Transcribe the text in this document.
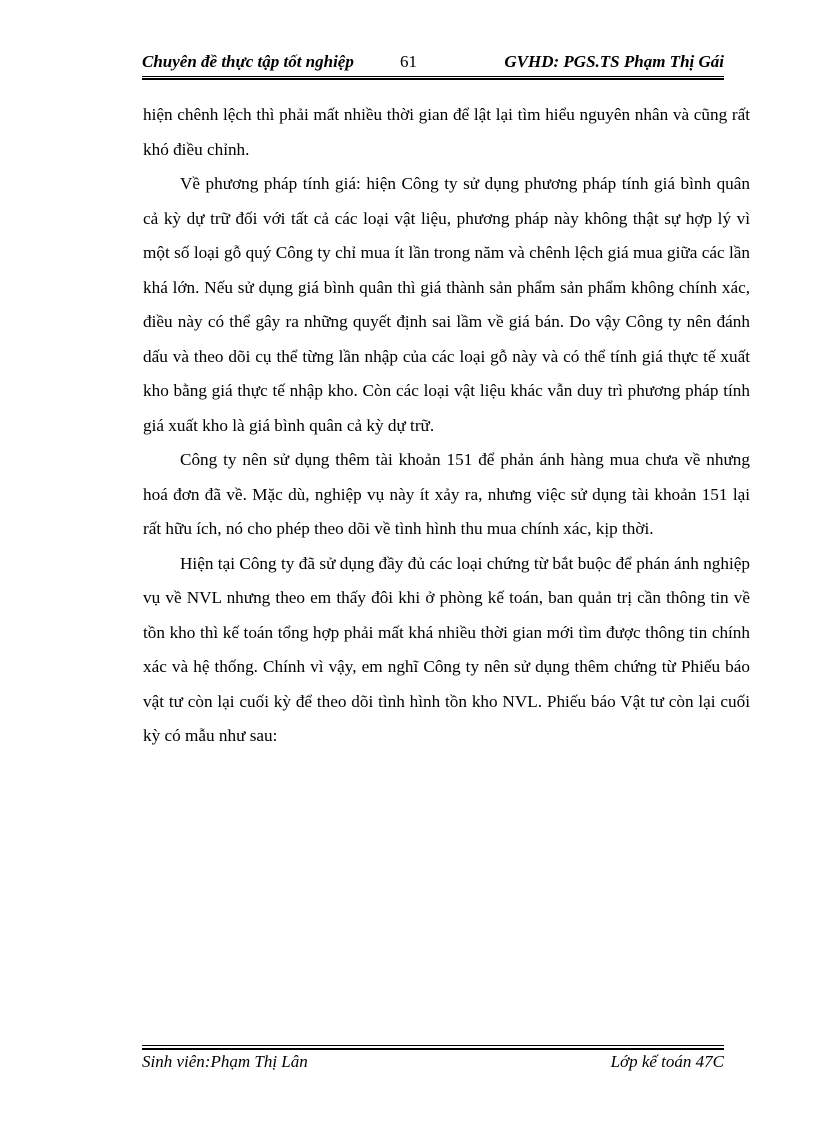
Chuyên đề thực tập tốt nghiệp	61	GVHD: PGS.TS Phạm Thị Gái

hiện chênh lệch thì phải mất nhiều thời gian để lật lại tìm hiểu nguyên nhân và cũng rất khó điều chỉnh.

Về phương pháp tính giá: hiện Công ty sử dụng phương pháp tính giá bình quân cả kỳ dự trữ đối với tất cả các loại vật liệu, phương pháp này không thật sự hợp lý vì một số loại gỗ quý Công ty chỉ mua ít lần trong năm và chênh lệch giá mua giữa các lần khá lớn. Nếu sử dụng giá bình quân thì giá thành sản phẩm sản phẩm không chính xác, điều này có thể gây ra những quyết định sai lầm về giá bán. Do vậy Công ty nên đánh dấu và theo dõi cụ thể từng lần nhập của các loại gỗ này và có thể tính giá thực tế xuất kho bằng giá thực tế nhập kho. Còn các loại vật liệu khác vẫn duy trì phương pháp tính giá xuất kho là giá bình quân cả kỳ dự trữ.

Công ty nên sử dụng thêm tài khoản 151 để phản ánh hàng mua chưa về nhưng hoá đơn đã về. Mặc dù, nghiệp vụ này ít xảy ra, nhưng việc sử dụng tài khoản 151 lại rất hữu ích, nó cho phép theo dõi về tình hình thu mua chính xác, kịp thời.

Hiện tại Công ty đã sử dụng đầy đủ các loại chứng từ bắt buộc để phán ánh nghiệp vụ về NVL nhưng theo em thấy đôi khi ở phòng kế toán, ban quản trị cần thông tin về tồn kho thì kế toán tổng hợp phải mất khá nhiều thời gian mới tìm được thông tin chính xác và hệ thống. Chính vì vậy, em nghĩ Công ty nên sử dụng thêm chứng từ Phiếu báo vật tư còn lại cuối kỳ để theo dõi tình hình tồn kho NVL. Phiếu báo Vật tư còn lại cuối kỳ có mẫu như sau:

Sinh viên:Phạm Thị Lân	Lớp kế toán 47C
